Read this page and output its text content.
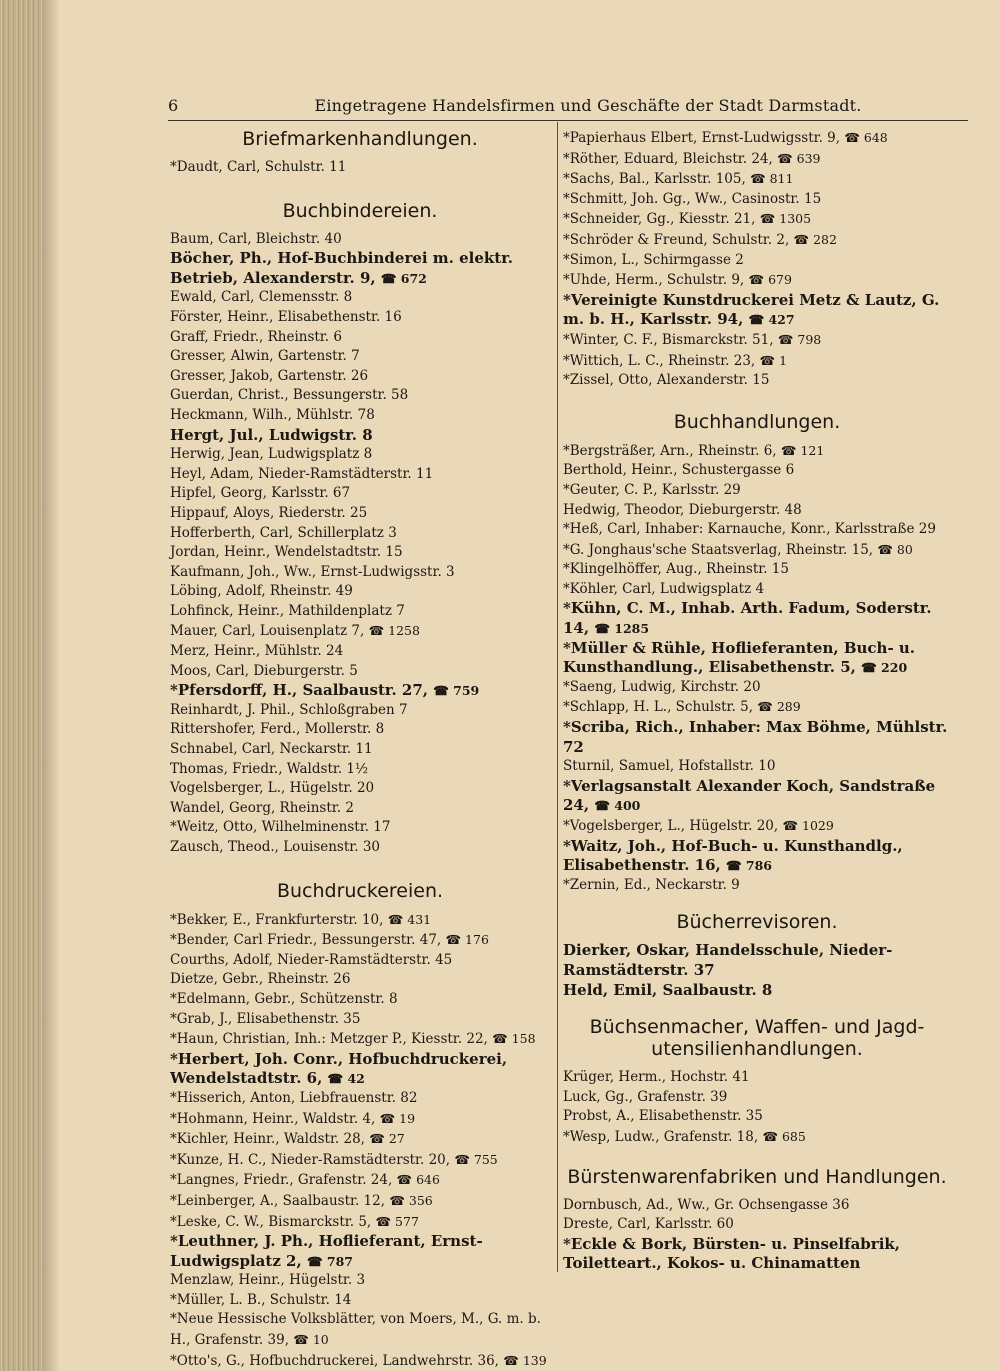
6	Eingetragene Handelsfirmen und Geschäfte der Stadt Darmstadt.
Briefmarkenhandlungen.
*Daudt, Carl, Schulstr. 11
Buchbindereien.
Baum, Carl, Bleichstr. 40
Böcher, Ph., Hof-Buchbinderei m. elektr. Betrieb, Alexanderstr. 9, ☎ 672
Ewald, Carl, Clemensstr. 8
Förster, Heinr., Elisabethenstr. 16
Graff, Friedr., Rheinstr. 6
Gresser, Alwin, Gartenstr. 7
Gresser, Jakob, Gartenstr. 26
Guerdan, Christ., Bessungerstr. 58
Heckmann, Wilh., Mühlstr. 78
Hergt, Jul., Ludwigstr. 8
Herwig, Jean, Ludwigsplatz 8
Heyl, Adam, Nieder-Ramstädterstr. 11
Hipfel, Georg, Karlsstr. 67
Hippauf, Aloys, Riederstr. 25
Hofferberth, Carl, Schillerplatz 3
Jordan, Heinr., Wendelstadtstr. 15
Kaufmann, Joh., Ww., Ernst-Ludwigsstr. 3
Löbing, Adolf, Rheinstr. 49
Lohfinck, Heinr., Mathildenplatz 7
Mauer, Carl, Louisenplatz 7, ☎ 1258
Merz, Heinr., Mühlstr. 24
Moos, Carl, Dieburgerstr. 5
*Pfersdorff, H., Saalbaustr. 27, ☎ 759
Reinhardt, J. Phil., Schloßgraben 7
Rittershofer, Ferd., Mollerstr. 8
Schnabel, Carl, Neckarstr. 11
Thomas, Friedr., Waldstr. 1½
Vogelsberger, L., Hügelstr. 20
Wandel, Georg, Rheinstr. 2
*Weitz, Otto, Wilhelminenstr. 17
Zausch, Theod., Louisenstr. 30
Buchdruckereien.
*Bekker, E., Frankfurterstr. 10, ☎ 431
*Bender, Carl Friedr., Bessungerstr. 47, ☎ 176
Courths, Adolf, Nieder-Ramstädterstr. 45
Dietze, Gebr., Rheinstr. 26
*Edelmann, Gebr., Schützenstr. 8
*Grab, J., Elisabethenstr. 35
*Haun, Christian, Inh.: Metzger P., Kiesstr. 22, ☎ 158
*Herbert, Joh. Conr., Hofbuchdruckerei, Wendelstadtstr. 6, ☎ 42
*Hisserich, Anton, Liebfrauenstr. 82
*Hohmann, Heinr., Waldstr. 4, ☎ 19
*Kichler, Heinr., Waldstr. 28, ☎ 27
*Kunze, H. C., Nieder-Ramstädterstr. 20, ☎ 755
*Langnes, Friedr., Grafenstr. 24, ☎ 646
*Leinberger, A., Saalbaustr. 12, ☎ 356
*Leske, C. W., Bismarckstr. 5, ☎ 577
*Leuthner, J. Ph., Hoflieferant, Ernst-Ludwigsplatz 2, ☎ 787
Menzlaw, Heinr., Hügelstr. 3
*Müller, L. B., Schulstr. 14
*Neue Hessische Volksblätter, von Moers, M., G. m. b. H., Grafenstr. 39, ☎ 10
*Otto's, G., Hofbuchdruckerei, Landwehrstr. 36, ☎ 139
*Papierhaus Elbert, Ernst-Ludwigsstr. 9, ☎ 648
*Röther, Eduard, Bleichstr. 24, ☎ 639
*Sachs, Bal., Karlsstr. 105, ☎ 811
*Schmitt, Joh. Gg., Ww., Casinostr. 15
*Schneider, Gg., Kiesstr. 21, ☎ 1305
*Schröder & Freund, Schulstr. 2, ☎ 282
*Simon, L., Schirmgasse 2
*Uhde, Herm., Schulstr. 9, ☎ 679
*Vereinigte Kunstdruckerei Metz & Lautz, G. m. b. H., Karlsstr. 94, ☎ 427
*Winter, C. F., Bismarckstr. 51, ☎ 798
*Wittich, L. C., Rheinstr. 23, ☎ 1
*Zissel, Otto, Alexanderstr. 15
Buchhandlungen.
*Bergsträßer, Arn., Rheinstr. 6, ☎ 121
Berthold, Heinr., Schustergasse 6
*Geuter, C. P., Karlsstr. 29
Hedwig, Theodor, Dieburgerstr. 48
*Heß, Carl, Inhaber: Karnauche, Konr., Karlsstraße 29
*G. Jonghaus'sche Staatsverlag, Rheinstr. 15, ☎ 80
*Klingelhöffer, Aug., Rheinstr. 15
*Köhler, Carl, Ludwigsplatz 4
*Kühn, C. M., Inhab. Arth. Fadum, Soderstr. 14, ☎ 1285
*Müller & Rühle, Hoflieferanten, Buch- u. Kunsthandlung., Elisabethenstr. 5, ☎ 220
*Saeng, Ludwig, Kirchstr. 20
*Schlapp, H. L., Schulstr. 5, ☎ 289
*Scriba, Rich., Inhaber: Max Böhme, Mühlstr. 72
Sturnil, Samuel, Hofstallstr. 10
*Verlagsanstalt Alexander Koch, Sandstraße 24, ☎ 400
*Vogelsberger, L., Hügelstr. 20, ☎ 1029
*Waitz, Joh., Hof-Buch- u. Kunsthandlg., Elisabethenstr. 16, ☎ 786
*Zernin, Ed., Neckarstr. 9
Bücherrevisoren.
Dierker, Oskar, Handelsschule, Nieder-Ramstädterstr. 37
Held, Emil, Saalbaustr. 8
Büchsenmacher, Waffen- und Jagd-utensilienhandlungen.
Krüger, Herm., Hochstr. 41
Luck, Gg., Grafenstr. 39
Probst, A., Elisabethenstr. 35
*Wesp, Ludw., Grafenstr. 18, ☎ 685
Bürstenwarenfabriken und Handlungen.
Dornbusch, Ad., Ww., Gr. Ochsengasse 36
Dreste, Carl, Karlsstr. 60
*Eckle & Bork, Bürsten- u. Pinselfabrik, Toiletteart., Kokos- u. Chinamatten
